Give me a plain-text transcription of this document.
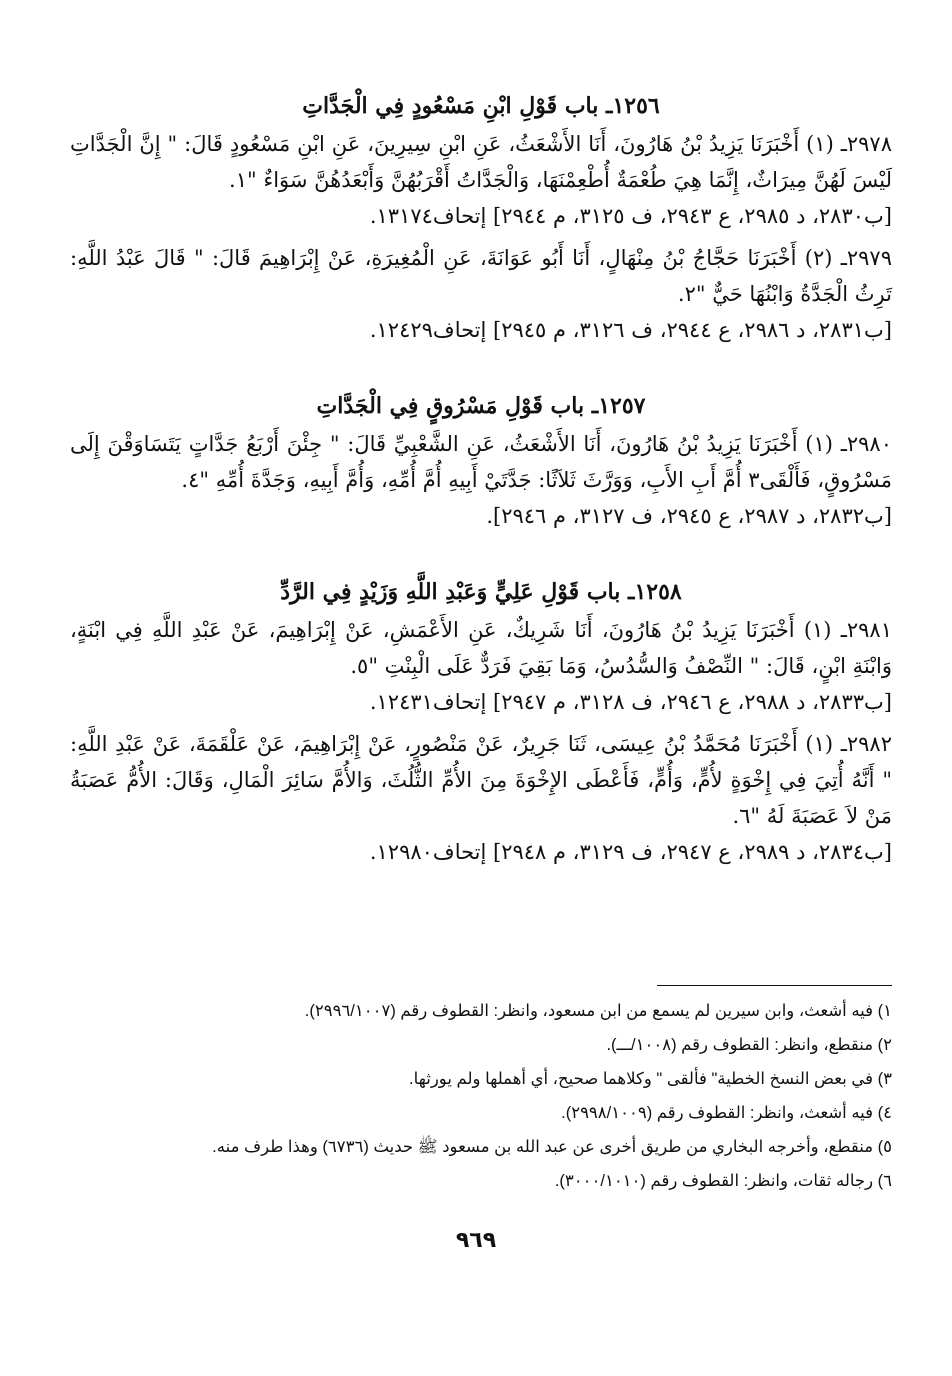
١٢٥٦ـ باب قَوْلِ ابْنِ مَسْعُودٍ فِي الْجَدَّاتِ

٢٩٧٨ـ (١) أَخْبَرَنَا يَزِيدُ بْنُ هَارُونَ، أَنَا الأَشْعَثُ، عَنِ ابْنِ سِيرِينَ، عَنِ ابْنِ مَسْعُودٍ قَالَ: " إِنَّ الْجَدَّاتِ لَيْسَ لَهُنَّ مِيرَاثٌ، إِنَّمَا هِيَ طُعْمَةٌ أُطْعِمْنَهَا، وَالْجَدَّاتُ أَقْرَبُهُنَّ وَأَبْعَدُهُنَّ سَوَاءٌ "١.

[ب٢٨٣٠، د ٢٩٨٥، ع ٢٩٤٣، ف ٣١٢٥، م ٢٩٤٤] إتحاف١٣١٧٤.

٢٩٧٩ـ (٢) أَخْبَرَنَا حَجَّاجُ بْنُ مِنْهَالٍ، أَنَا أَبُو عَوَانَةَ، عَنِ الْمُغِيرَةِ، عَنْ إِبْرَاهِيمَ قَالَ: " قَالَ عَبْدُ اللَّهِ: تَرِثُ الْجَدَّةُ وَابْنُهَا حَيٌّ "٢.

[ب٢٨٣١، د ٢٩٨٦، ع ٢٩٤٤، ف ٣١٢٦، م ٢٩٤٥] إتحاف١٢٤٢٩.

١٢٥٧ـ باب قَوْلِ مَسْرُوقٍ فِي الْجَدَّاتِ

٢٩٨٠ـ (١) أَخْبَرَنَا يَزِيدُ بْنُ هَارُونَ، أَنَا الأَشْعَثُ، عَنِ الشَّعْبِيِّ قَالَ: " جِئْنَ أَرْبَعُ جَدَّاتٍ يَتَسَاوَقْنَ إِلَى مَسْرُوقٍ، فَأَلْقَى٣ أُمَّ أَبِ الأَبِ، وَوَرَّثَ ثَلاَثًا: جَدَّتَيْ أَبِيهِ أُمَّ أُمِّهِ، وَأُمَّ أَبِيهِ، وَجَدَّةَ أُمِّهِ "٤.

[ب٢٨٣٢، د ٢٩٨٧، ع ٢٩٤٥، ف ٣١٢٧، م ٢٩٤٦].

١٢٥٨ـ باب قَوْلِ عَلِيٍّ وَعَبْدِ اللَّهِ وَزَيْدٍ فِي الرَّدِّ

٢٩٨١ـ (١) أَخْبَرَنَا يَزِيدُ بْنُ هَارُونَ، أَنَا شَرِيكٌ، عَنِ الأَعْمَشِ، عَنْ إِبْرَاهِيمَ، عَنْ عَبْدِ اللَّهِ فِي ابْنَةٍ، وَابْنَةِ ابْنٍ، قَالَ: " النِّصْفُ وَالسُّدُسُ، وَمَا بَقِيَ فَرَدٌّ عَلَى الْبِنْتِ "٥.

[ب٢٨٣٣، د ٢٩٨٨، ع ٢٩٤٦، ف ٣١٢٨، م ٢٩٤٧] إتحاف١٢٤٣١.

٢٩٨٢ـ (١) أَخْبَرَنَا مُحَمَّدُ بْنُ عِيسَى، ثَنَا جَرِيرٌ، عَنْ مَنْصُورٍ، عَنْ إِبْرَاهِيمَ، عَنْ عَلْقَمَةَ، عَنْ عَبْدِ اللَّهِ: " أَنَّهُ أُتِيَ فِي إِخْوَةٍ لأُمٍّ، وَأُمٍّ، فَأَعْطَى الإِخْوَةَ مِنَ الأُمِّ الثُّلُثَ، وَالأُمَّ سَائِرَ الْمَالِ، وَقَالَ: الأُمُّ عَصَبَةُ مَنْ لاَ عَصَبَةَ لَهُ "٦.

[ب٢٨٣٤، د ٢٩٨٩، ع ٢٩٤٧، ف ٣١٢٩، م ٢٩٤٨] إتحاف١٢٩٨٠.

١) فيه أشعث، وابن سيرين لم يسمع من ابن مسعود، وانظر: القطوف رقم (٢٩٩٦/١٠٠٧).

٢) منقطع، وانظر: القطوف رقم (١٠٠٨/ـــ).

٣) في بعض النسخ الخطية" فألقى " وكلاهما صحيح، أي أهملها ولم يورثها.

٤) فيه أشعث، وانظر: القطوف رقم (٢٩٩٨/١٠٠٩).

٥) منقطع، وأخرجه البخاري من طريق أخرى عن عبد الله بن مسعود ﷺ حديث (٦٧٣٦) وهذا طرف منه.

٦) رجاله ثقات، وانظر: القطوف رقم (٣٠٠٠/١٠١٠).

٩٦٩
